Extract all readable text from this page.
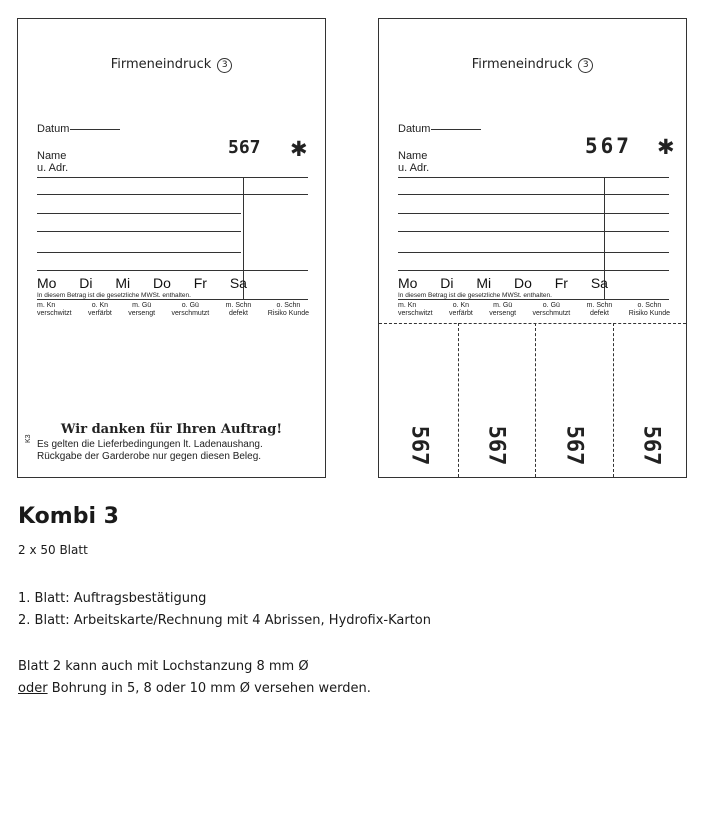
Firmeneindruck 3
Datum
567 ✱
Name
u. Adr.
Mo Di Mi Do Fr Sa
In diesem Betrag ist die gesetzliche MWSt. enthalten.
m. Kn
verschwitzt
o. Kn
verfärbt
m. Gü
versengt
o. Gü
verschmutzt
m. Schn
defekt
o. Schn
Risiko Kunde
Wir danken für Ihren Auftrag!
Es gelten die Lieferbedingungen lt. Ladenaushang.
Rückgabe der Garderobe nur gegen diesen Beleg.
K3
Firmeneindruck 3
Datum
567 ✱
Name
u. Adr.
Mo Di Mi Do Fr Sa
In diesem Betrag ist die gesetzliche MWSt. enthalten.
m. Kn
verschwitzt
o. Kn
verfärbt
m. Gü
versengt
o. Gü
verschmutzt
m. Schn
defekt
o. Schn
Risiko Kunde
567 567 567 567
Kombi 3
2 x 50 Blatt
1. Blatt: Auftragsbestätigung
2. Blatt: Arbeitskarte/Rechnung mit 4 Abrissen, Hydrofix-Karton
Blatt 2 kann auch mit Lochstanzung 8 mm Ø
oder Bohrung in 5, 8 oder 10 mm Ø versehen werden.
